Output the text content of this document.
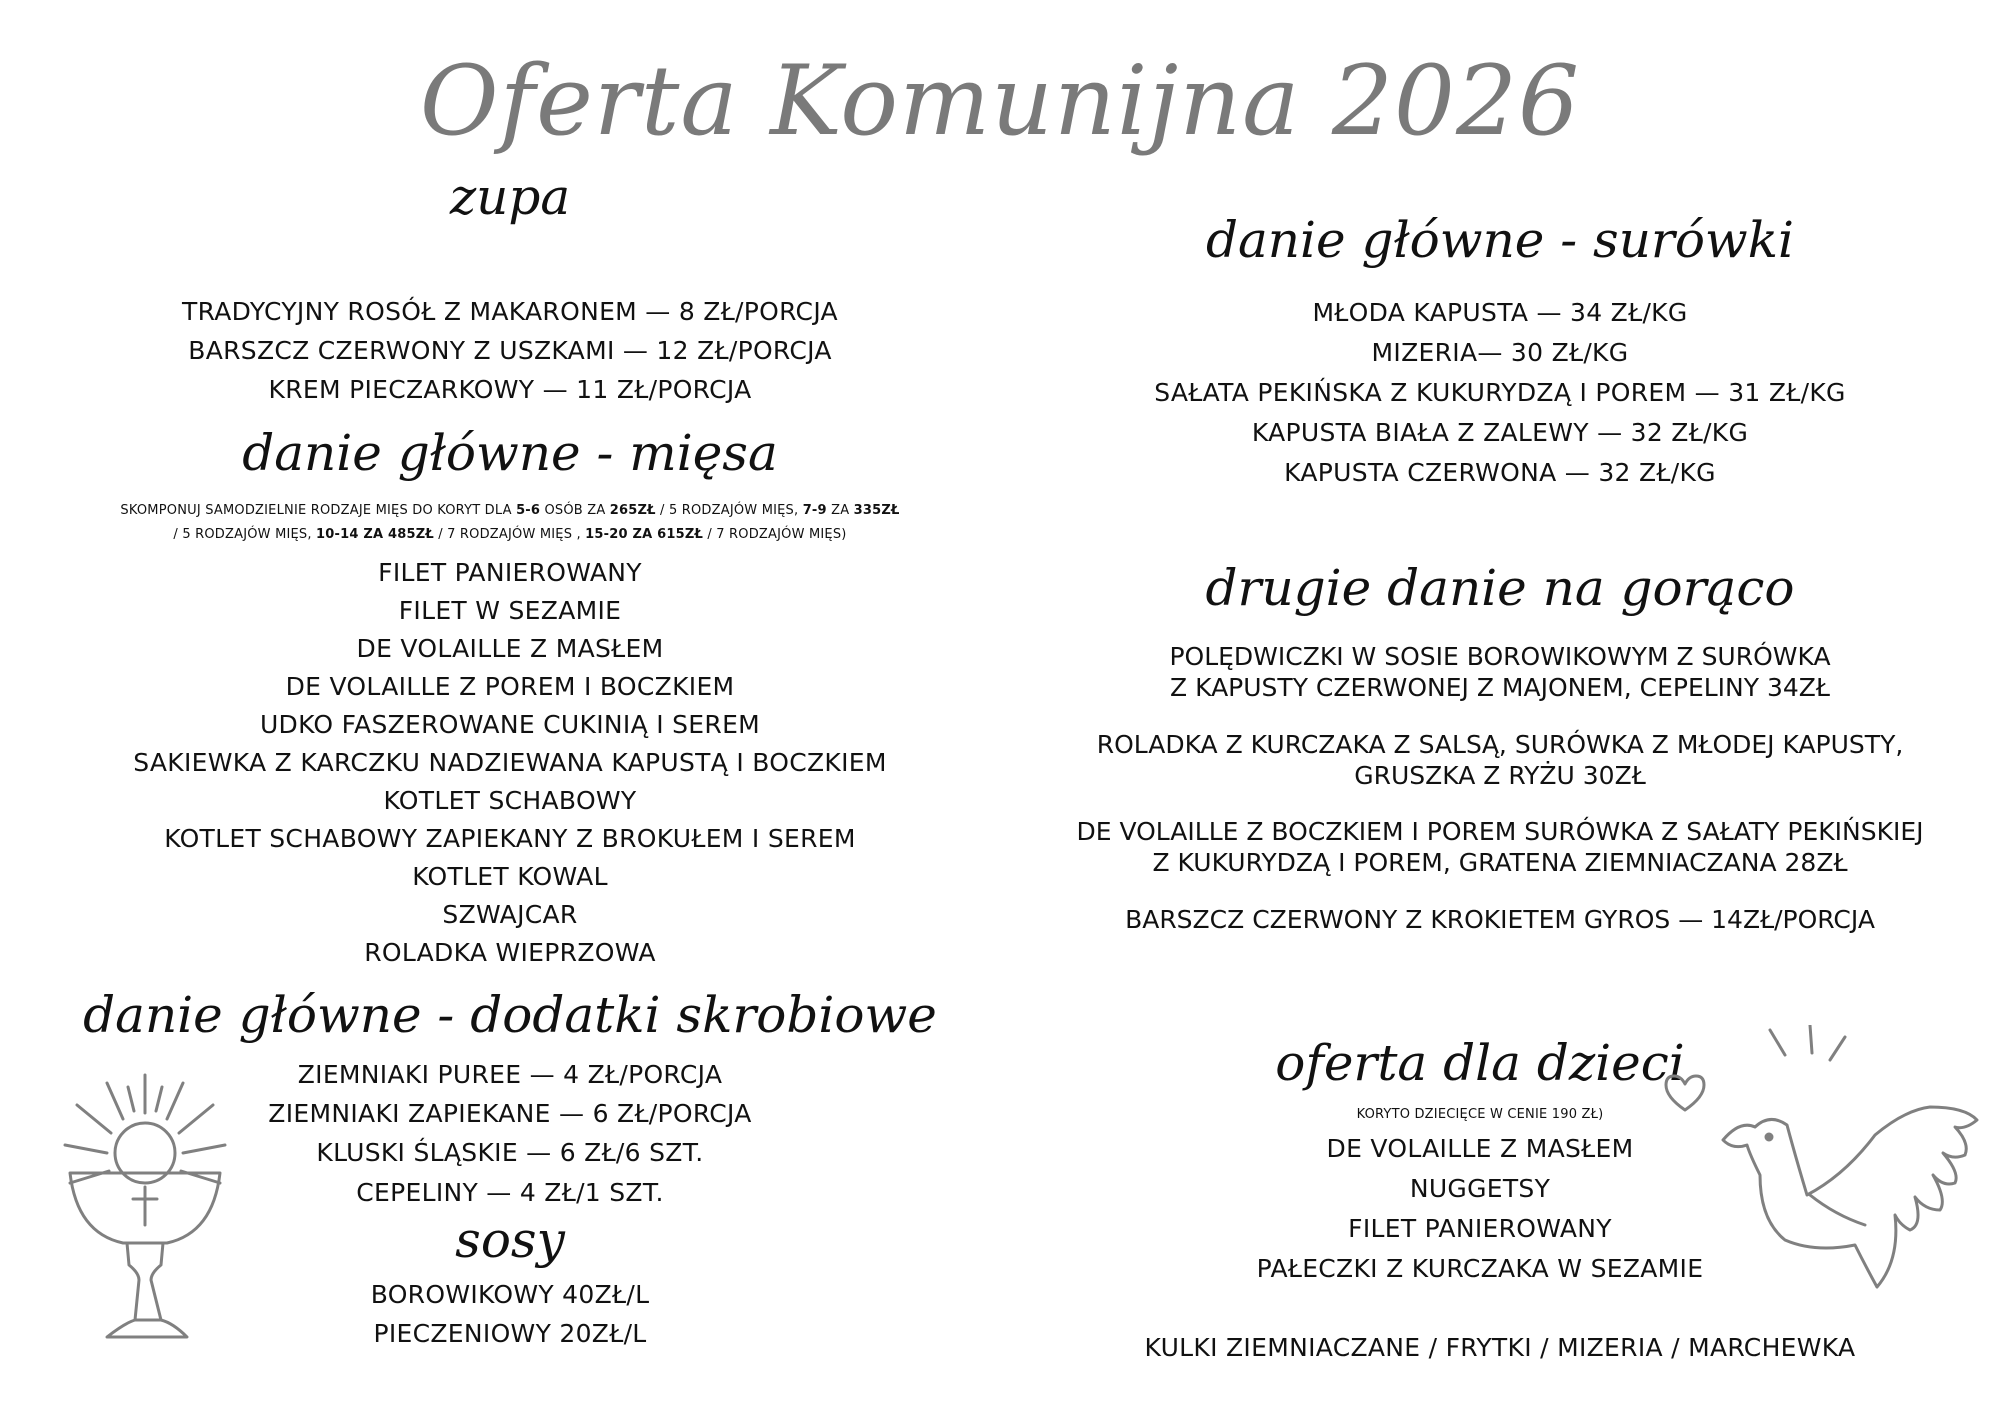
Oferta Komunijna 2026
zupa
TRADYCYJNY ROSÓŁ Z MAKARONEM — 8 ZŁ/PORCJA
BARSZCZ CZERWONY Z USZKAMI — 12 ZŁ/PORCJA
KREM PIECZARKOWY — 11 ZŁ/PORCJA
danie główne - mięsa
SKOMPONUJ SAMODZIELNIE RODZAJE MIĘS DO KORYT DLA 5-6 OSÓB ZA 265ZŁ / 5 RODZAJÓW MIĘS, 7-9 ZA 335ZŁ
/ 5 RODZAJÓW MIĘS, 10-14 ZA 485ZŁ / 7 RODZAJÓW MIĘS , 15-20 ZA 615ZŁ / 7 RODZAJÓW MIĘS)
FILET PANIEROWANY
FILET W SEZAMIE
DE VOLAILLE Z MASŁEM
DE VOLAILLE Z POREM I BOCZKIEM
UDKO FASZEROWANE CUKINIĄ I SEREM
SAKIEWKA Z KARCZKU NADZIEWANA KAPUSTĄ I BOCZKIEM
KOTLET SCHABOWY
KOTLET SCHABOWY ZAPIEKANY Z BROKUŁEM I SEREM
KOTLET KOWAL
SZWAJCAR
ROLADKA WIEPRZOWA
danie główne - dodatki skrobiowe
ZIEMNIAKI PUREE — 4 ZŁ/PORCJA
ZIEMNIAKI ZAPIEKANE — 6 ZŁ/PORCJA
KLUSKI ŚLĄSKIE — 6 ZŁ/6 SZT.
CEPELINY — 4 ZŁ/1 SZT.
sosy
BOROWIKOWY 40ZŁ/L
PIECZENIOWY 20ZŁ/L
danie główne - surówki
MŁODA KAPUSTA — 34 ZŁ/KG
MIZERIA— 30 ZŁ/KG
SAŁATA PEKIŃSKA Z KUKURYDZĄ I POREM — 31 ZŁ/KG
KAPUSTA BIAŁA Z ZALEWY — 32 ZŁ/KG
KAPUSTA CZERWONA — 32 ZŁ/KG
drugie danie na gorąco
POLĘDWICZKI W SOSIE BOROWIKOWYM Z SURÓWKA
Z KAPUSTY CZERWONEJ Z MAJONEM, CEPELINY 34ZŁ
ROLADKA Z KURCZAKA Z SALSĄ, SURÓWKA Z MŁODEJ KAPUSTY,
GRUSZKA Z RYŻU 30ZŁ
DE VOLAILLE Z BOCZKIEM I POREM SURÓWKA Z SAŁATY PEKIŃSKIEJ
Z KUKURYDZĄ I POREM, GRATENA ZIEMNIACZANA 28ZŁ
BARSZCZ CZERWONY Z KROKIETEM GYROS — 14ZŁ/PORCJA
oferta dla dzieci
KORYTO DZIECIĘCE W CENIE 190 ZŁ)
DE VOLAILLE Z MASŁEM
NUGGETSY
FILET PANIEROWANY
PAŁECZKI Z KURCZAKA W SEZAMIE
KULKI ZIEMNIACZANE / FRYTKI / MIZERIA / MARCHEWKA
